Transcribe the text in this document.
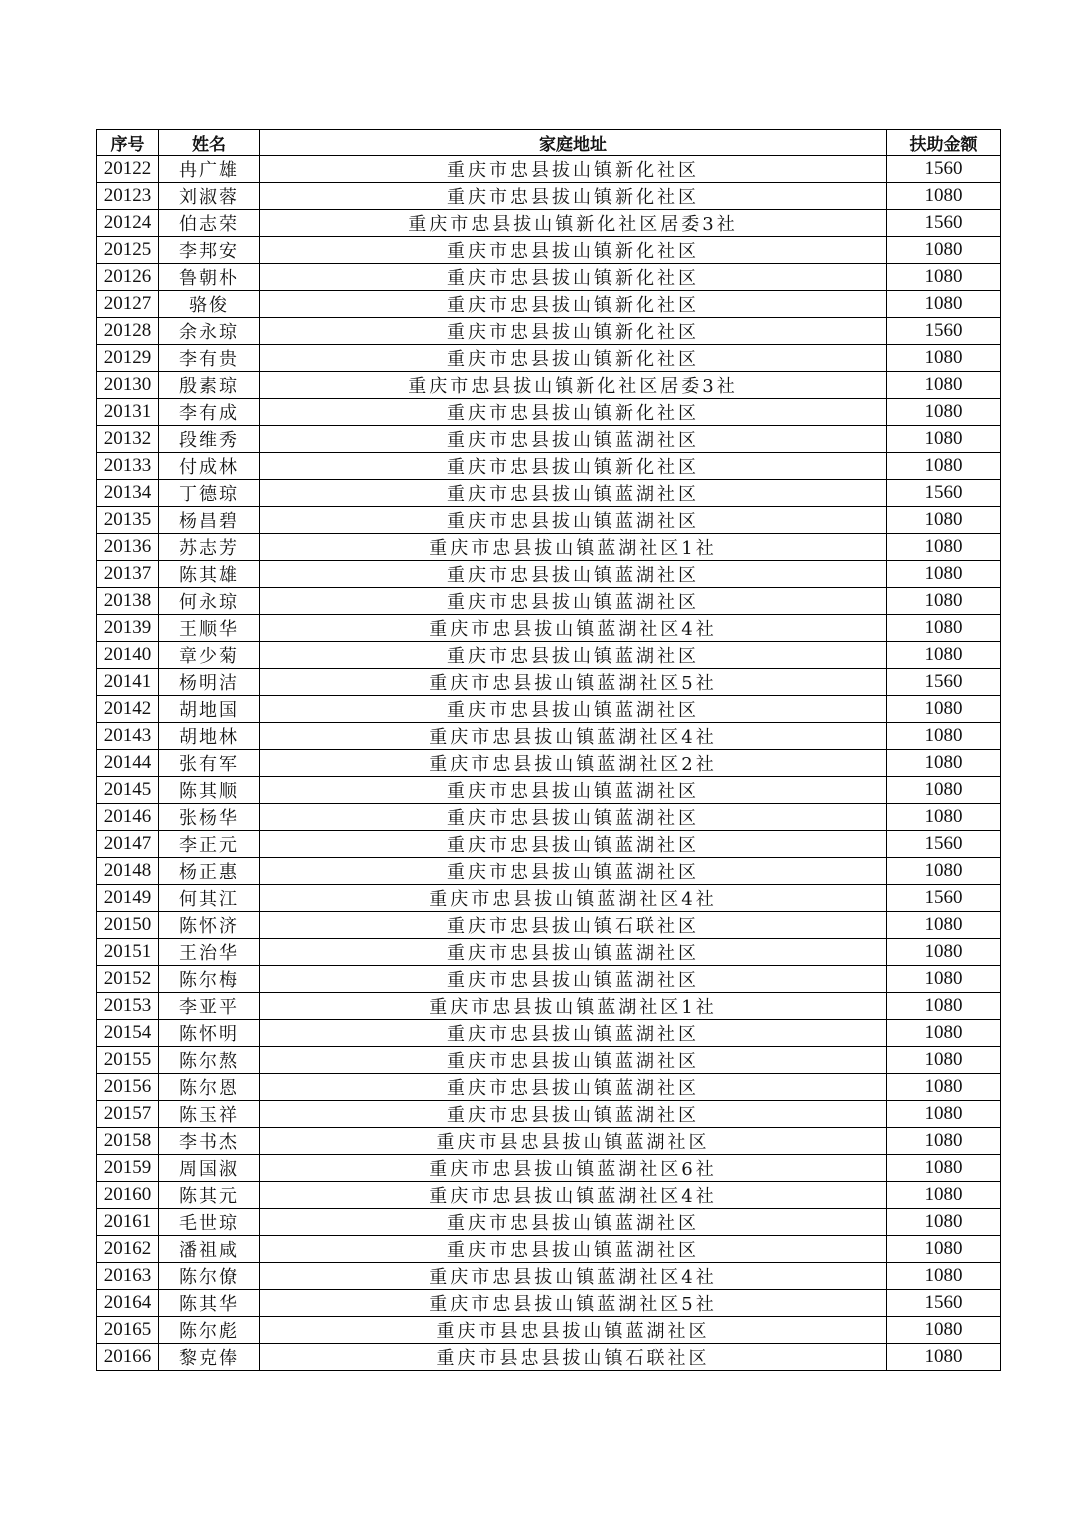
序号	姓名	家庭地址	扶助金额
20122	冉广雄	重庆市忠县拔山镇新化社区	1560
20123	刘淑蓉	重庆市忠县拔山镇新化社区	1080
20124	伯志荣	重庆市忠县拔山镇新化社区居委3社	1560
20125	李邦安	重庆市忠县拔山镇新化社区	1080
20126	鲁朝朴	重庆市忠县拔山镇新化社区	1080
20127	骆俊	重庆市忠县拔山镇新化社区	1080
20128	余永琼	重庆市忠县拔山镇新化社区	1560
20129	李有贵	重庆市忠县拔山镇新化社区	1080
20130	殷素琼	重庆市忠县拔山镇新化社区居委3社	1080
20131	李有成	重庆市忠县拔山镇新化社区	1080
20132	段维秀	重庆市忠县拔山镇蓝湖社区	1080
20133	付成林	重庆市忠县拔山镇新化社区	1080
20134	丁德琼	重庆市忠县拔山镇蓝湖社区	1560
20135	杨昌碧	重庆市忠县拔山镇蓝湖社区	1080
20136	苏志芳	重庆市忠县拔山镇蓝湖社区1社	1080
20137	陈其雄	重庆市忠县拔山镇蓝湖社区	1080
20138	何永琼	重庆市忠县拔山镇蓝湖社区	1080
20139	王顺华	重庆市忠县拔山镇蓝湖社区4社	1080
20140	章少菊	重庆市忠县拔山镇蓝湖社区	1080
20141	杨明洁	重庆市忠县拔山镇蓝湖社区5社	1560
20142	胡地国	重庆市忠县拔山镇蓝湖社区	1080
20143	胡地林	重庆市忠县拔山镇蓝湖社区4社	1080
20144	张有军	重庆市忠县拔山镇蓝湖社区2社	1080
20145	陈其顺	重庆市忠县拔山镇蓝湖社区	1080
20146	张杨华	重庆市忠县拔山镇蓝湖社区	1080
20147	李正元	重庆市忠县拔山镇蓝湖社区	1560
20148	杨正惠	重庆市忠县拔山镇蓝湖社区	1080
20149	何其江	重庆市忠县拔山镇蓝湖社区4社	1560
20150	陈怀济	重庆市忠县拔山镇石联社区	1080
20151	王治华	重庆市忠县拔山镇蓝湖社区	1080
20152	陈尔梅	重庆市忠县拔山镇蓝湖社区	1080
20153	李亚平	重庆市忠县拔山镇蓝湖社区1社	1080
20154	陈怀明	重庆市忠县拔山镇蓝湖社区	1080
20155	陈尔熬	重庆市忠县拔山镇蓝湖社区	1080
20156	陈尔恩	重庆市忠县拔山镇蓝湖社区	1080
20157	陈玉祥	重庆市忠县拔山镇蓝湖社区	1080
20158	李书杰	重庆市县忠县拔山镇蓝湖社区	1080
20159	周国淑	重庆市忠县拔山镇蓝湖社区6社	1080
20160	陈其元	重庆市忠县拔山镇蓝湖社区4社	1080
20161	毛世琼	重庆市忠县拔山镇蓝湖社区	1080
20162	潘祖咸	重庆市忠县拔山镇蓝湖社区	1080
20163	陈尔僚	重庆市忠县拔山镇蓝湖社区4社	1080
20164	陈其华	重庆市忠县拔山镇蓝湖社区5社	1560
20165	陈尔彪	重庆市县忠县拔山镇蓝湖社区	1080
20166	黎克俸	重庆市县忠县拔山镇石联社区	1080
